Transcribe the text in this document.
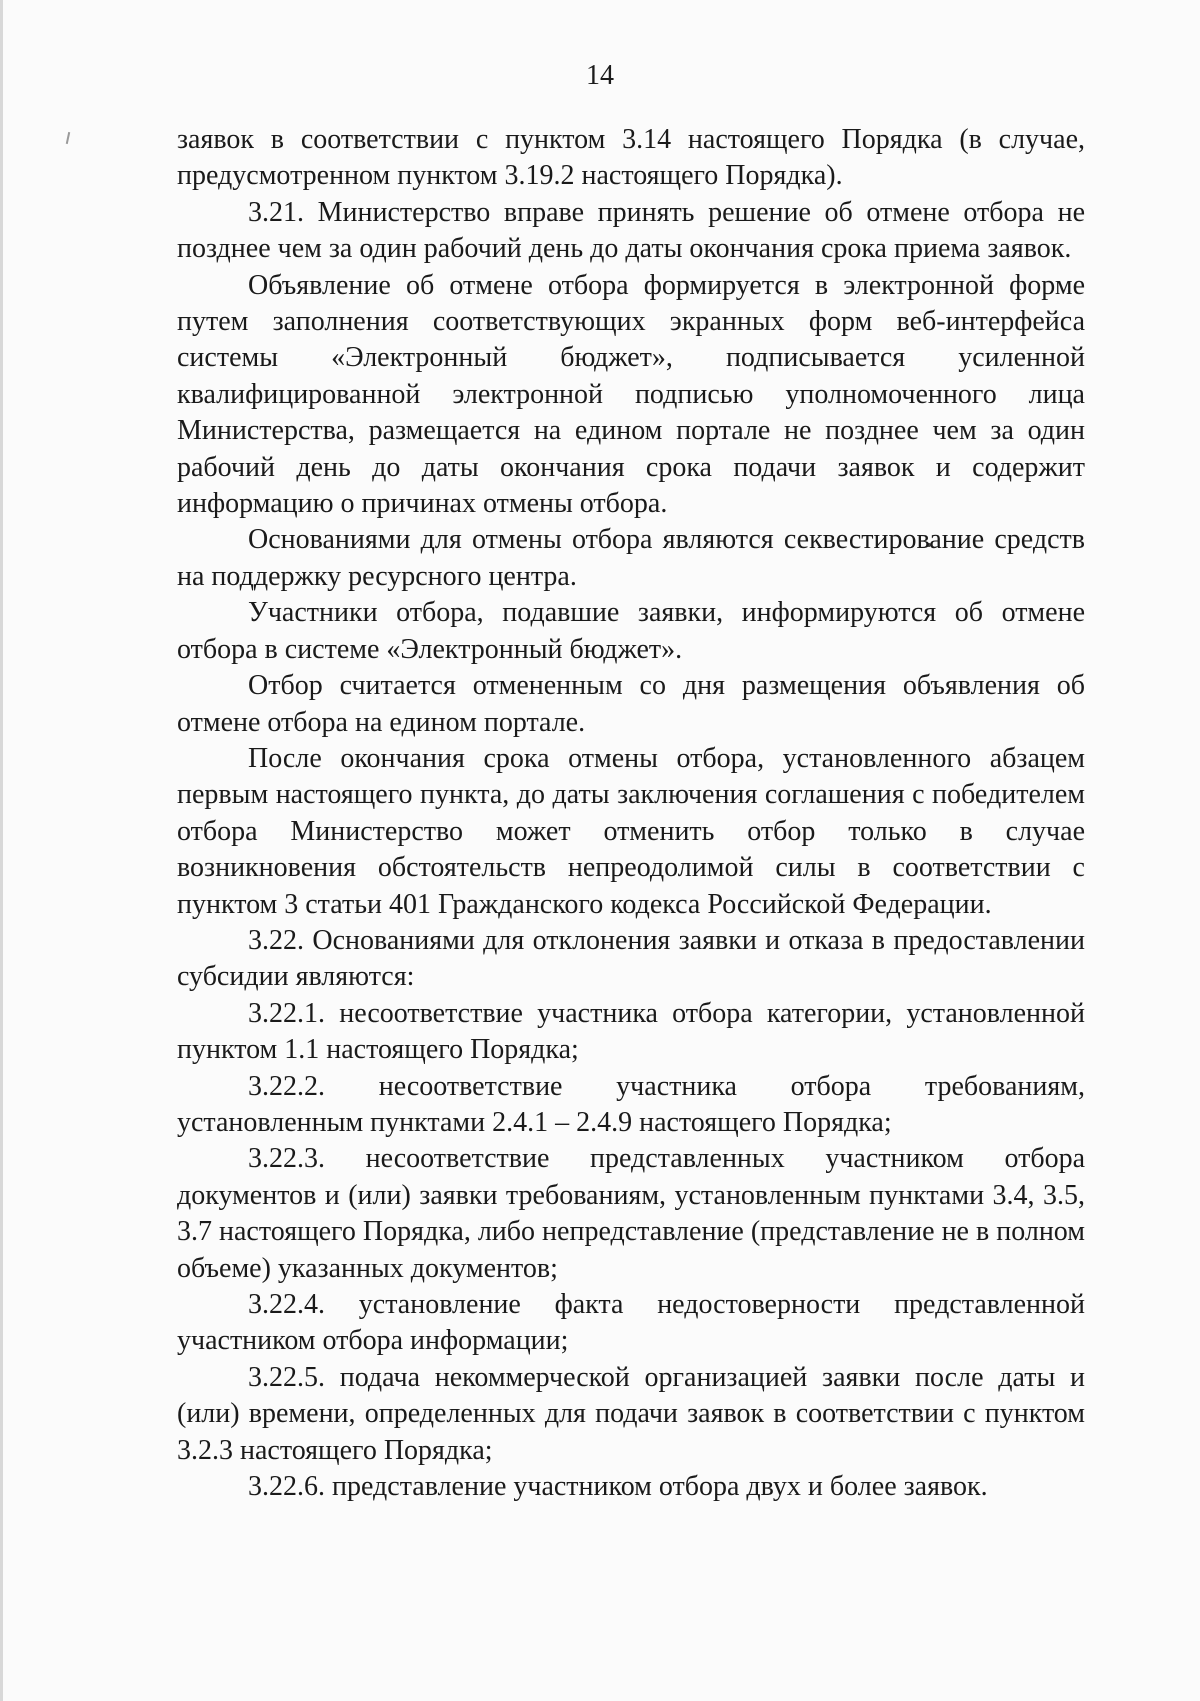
14

заявок в соответствии с пунктом 3.14 настоящего Порядка (в случае, предусмотренном пунктом 3.19.2 настоящего Порядка).

3.21. Министерство вправе принять решение об отмене отбора не позднее чем за один рабочий день до даты окончания срока приема заявок.

Объявление об отмене отбора формируется в электронной форме путем заполнения соответствующих экранных форм веб-интерфейса системы «Электронный бюджет», подписывается усиленной квалифицированной электронной подписью уполномоченного лица Министерства, размещается на едином портале не позднее чем за один рабочий день до даты окончания срока подачи заявок и содержит информацию о причинах отмены отбора.

Основаниями для отмены отбора являются секвестирование средств на поддержку ресурсного центра.

Участники отбора, подавшие заявки, информируются об отмене отбора в системе «Электронный бюджет».

Отбор считается отмененным со дня размещения объявления об отмене отбора на едином портале.

После окончания срока отмены отбора, установленного абзацем первым настоящего пункта, до даты заключения соглашения с победителем отбора Министерство может отменить отбор только в случае возникновения обстоятельств непреодолимой силы в соответствии с пунктом 3 статьи 401 Гражданского кодекса Российской Федерации.

3.22. Основаниями для отклонения заявки и отказа в предоставлении субсидии являются:

3.22.1. несоответствие участника отбора категории, установленной пунктом 1.1 настоящего Порядка;

3.22.2. несоответствие участника отбора требованиям, установленным пунктами 2.4.1 – 2.4.9 настоящего Порядка;

3.22.3. несоответствие представленных участником отбора документов и (или) заявки требованиям, установленным пунктами 3.4, 3.5, 3.7 настоящего Порядка, либо непредставление (представление не в полном объеме) указанных документов;

3.22.4. установление факта недостоверности представленной участником отбора информации;

3.22.5. подача некоммерческой организацией заявки после даты и (или) времени, определенных для подачи заявок в соответствии с пунктом 3.2.3 настоящего Порядка;

3.22.6. представление участником отбора двух и более заявок.
